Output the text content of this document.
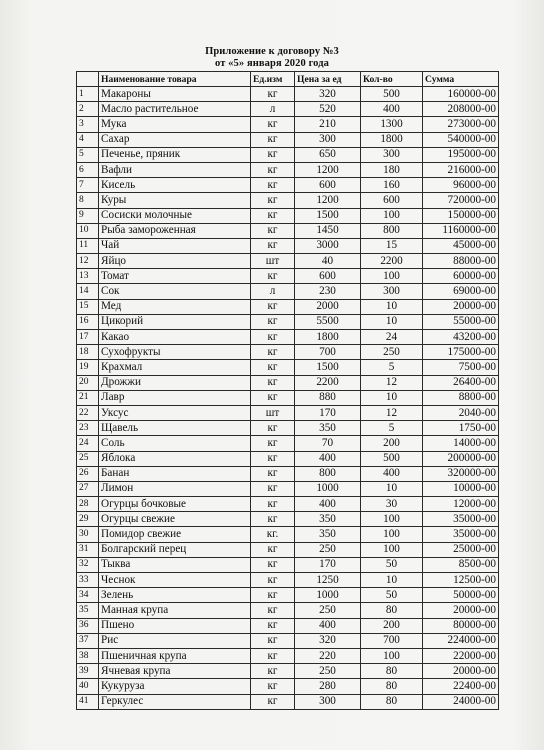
Приложение к договору №3
от «5» января 2020 года
	Наименование товара	Ед.изм	Цена за ед	Кол-во	Сумма
1	Макароны	кг	320	500	160000-00
2	Масло растительное	л	520	400	208000-00
3	Мука	кг	210	1300	273000-00
4	Сахар	кг	300	1800	540000-00
5	Печенье, пряник	кг	650	300	195000-00
6	Вафли	кг	1200	180	216000-00
7	Кисель	кг	600	160	96000-00
8	Куры	кг	1200	600	720000-00
9	Сосиски молочные	кг	1500	100	150000-00
10	Рыба замороженная	кг	1450	800	1160000-00
11	Чай	кг	3000	15	45000-00
12	Яйцо	шт	40	2200	88000-00
13	Томат	кг	600	100	60000-00
14	Сок	л	230	300	69000-00
15	Мед	кг	2000	10	20000-00
16	Цикорий	кг	5500	10	55000-00
17	Какао	кг	1800	24	43200-00
18	Сухофрукты	кг	700	250	175000-00
19	Крахмал	кг	1500	5	7500-00
20	Дрожжи	кг	2200	12	26400-00
21	Лавр	кг	880	10	8800-00
22	Уксус	шт	170	12	2040-00
23	Щавель	кг	350	5	1750-00
24	Соль	кг	70	200	14000-00
25	Яблока	кг	400	500	200000-00
26	Банан	кг	800	400	320000-00
27	Лимон	кг	1000	10	10000-00
28	Огурцы бочковые	кг	400	30	12000-00
29	Огурцы свежие	кг	350	100	35000-00
30	Помидор свежие	кг.	350	100	35000-00
31	Болгарский перец	кг	250	100	25000-00
32	Тыква	кг	170	50	8500-00
33	Чеснок	кг	1250	10	12500-00
34	Зелень	кг	1000	50	50000-00
35	Манная крупа	кг	250	80	20000-00
36	Пшено	кг	400	200	80000-00
37	Рис	кг	320	700	224000-00
38	Пшеничная крупа	кг	220	100	22000-00
39	Ячневая крупа	кг	250	80	20000-00
40	Кукуруза	кг	280	80	22400-00
41	Геркулес	кг	300	80	24000-00
